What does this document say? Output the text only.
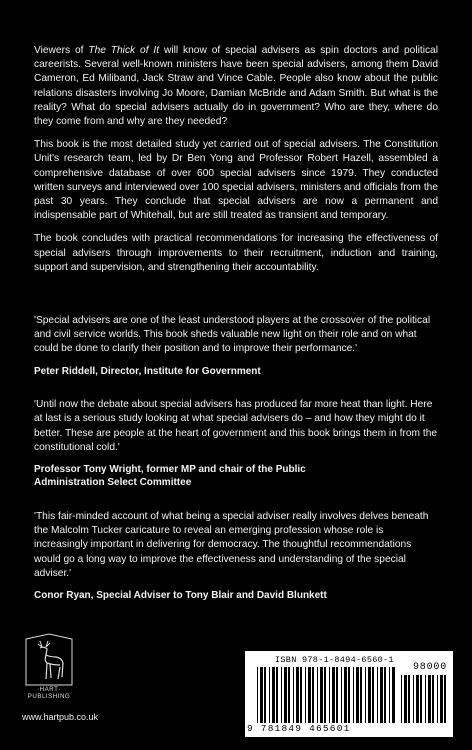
Viewers of The Thick of It will know of special advisers as spin doctors and political careerists. Several well-known ministers have been special advisers, among them David Cameron, Ed Miliband, Jack Straw and Vince Cable. People also know about the public relations disasters involving Jo Moore, Damian McBride and Adam Smith. But what is the reality? What do special advisers actually do in government? Who are they, where do they come from and why are they needed?

This book is the most detailed study yet carried out of special advisers. The Constitution Unit's research team, led by Dr Ben Yong and Professor Robert Hazell, assembled a comprehensive database of over 600 special advisers since 1979. They conducted written surveys and interviewed over 100 special advisers, ministers and officials from the past 30 years. They conclude that special advisers are now a permanent and indispensable part of Whitehall, but are still treated as transient and temporary.

The book concludes with practical recommendations for increasing the effectiveness of special advisers through improvements to their recruitment, induction and training, support and supervision, and strengthening their accountability.

'Special advisers are one of the least understood players at the crossover of the political and civil service worlds. This book sheds valuable new light on their role and on what could be done to clarify their position and to improve their performance.'

Peter Riddell, Director, Institute for Government

'Until now the debate about special advisers has produced far more heat than light. Here at last is a serious study looking at what special advisers do – and how they might do it better. These are people at the heart of government and this book brings them in from the constitutional cold.'

Professor Tony Wright, former MP and chair of the Public Administration Select Committee

'This fair-minded account of what being a special adviser really involves delves beneath the Malcolm Tucker caricature to reveal an emerging profession whose role is increasingly important in delivering for democracy. The thoughtful recommendations would go a long way to improve the effectiveness and understanding of the special adviser.'

Conor Ryan, Special Adviser to Tony Blair and David Blunkett

·HART·
PUBLISHING
www.hartpub.co.uk
ISBN 978-1-8494-6560-1
98000
9 781849 465601
